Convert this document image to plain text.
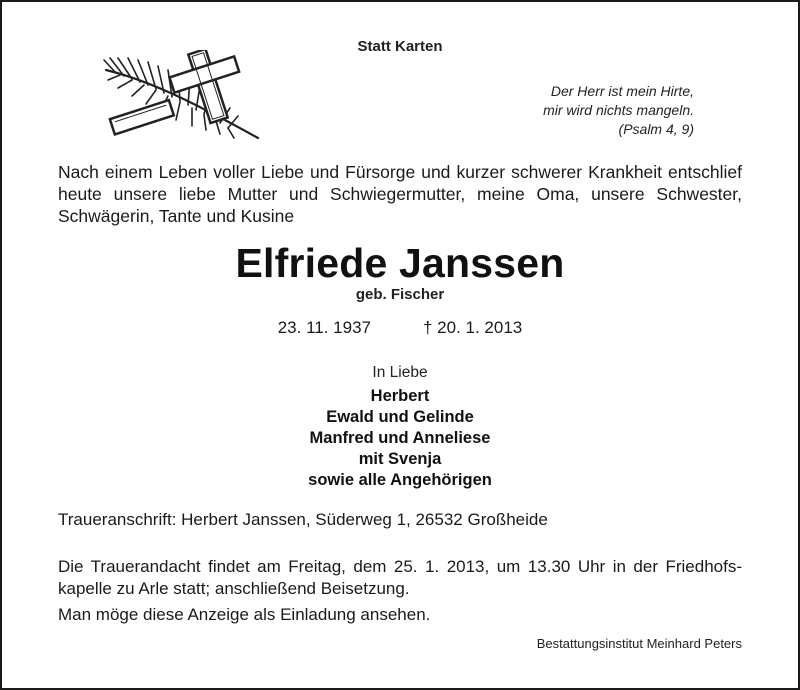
Statt Karten
Der Herr ist mein Hirte,
mir wird nichts mangeln.
(Psalm 4, 9)
Nach einem Leben voller Liebe und Fürsorge und kurzer schwerer Krankheit entschlief heute unsere liebe Mutter und Schwiegermutter, meine Oma, unsere Schwester, Schwägerin, Tante und Kusine
Elfriede Janssen
geb. Fischer
23. 11. 1937	† 20. 1. 2013
In Liebe
Herbert
Ewald und Gelinde
Manfred und Anneliese
mit Svenja
sowie alle Angehörigen
Traueranschrift: Herbert Janssen, Süderweg 1, 26532 Großheide
Die Trauerandacht findet am Freitag, dem 25. 1. 2013, um 13.30 Uhr in der Friedhofs-
kapelle zu Arle statt; anschließend Beisetzung.
Man möge diese Anzeige als Einladung ansehen.
Bestattungsinstitut Meinhard Peters
